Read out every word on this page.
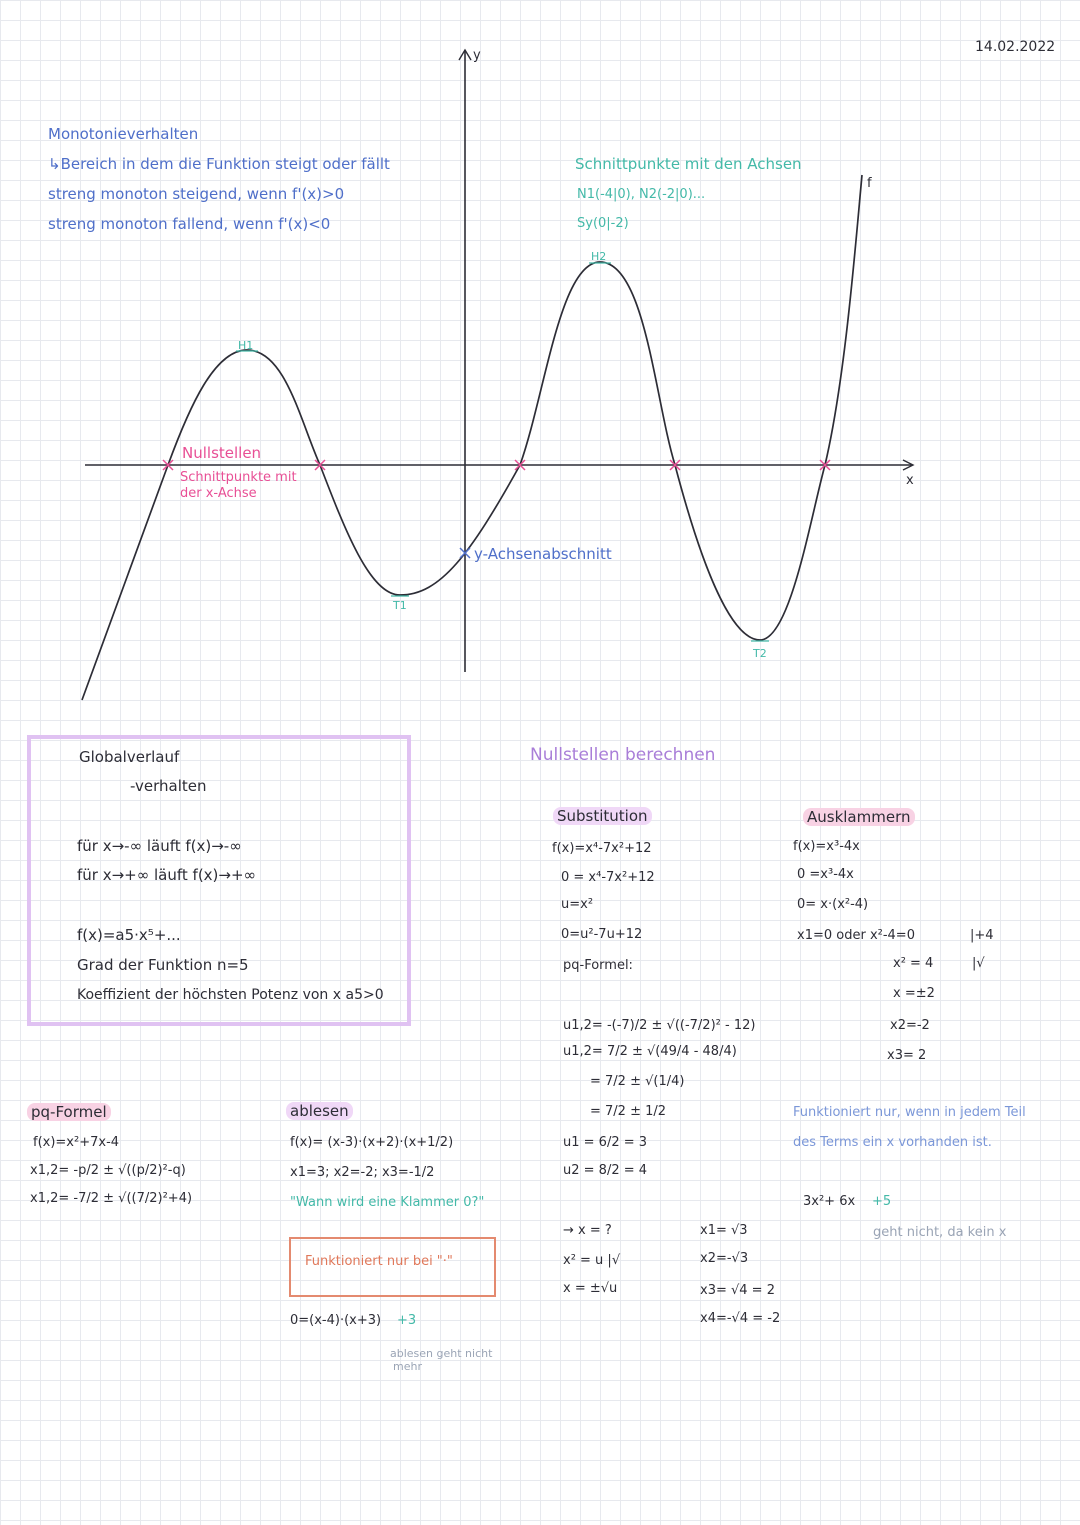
14.02.2022
Monotonieverhalten
↳Bereich in dem die Funktion steigt oder fällt
streng monoton steigend, wenn f'(x)>0
streng monoton fallend, wenn f'(x)<0
y
x
f
H1
H2
T1
T2
Nullstellen
Schnittpunkte mit
der x-Achse
y-Achsenabschnitt
Schnittpunkte mit den Achsen
N1(-4|0), N2(-2|0)...
Sy(0|-2)
Globalverlauf
-verhalten
für x→-∞ läuft f(x)→-∞
für x→+∞ läuft f(x)→+∞
f(x)=a5·x⁵+...
Grad der Funktion n=5
Koeffizient der höchsten Potenz von x a5>0
Nullstellen berechnen
Substitution
f(x)=x⁴-7x²+12
0 = x⁴-7x²+12
u=x²
0=u²-7u+12
pq-Formel:
u1,2= -(-7)/2 ± √((-7/2)² - 12)
u1,2= 7/2 ± √(49/4 - 48/4)
= 7/2 ± √(1/4)
= 7/2 ± 1/2
u1 = 6/2 = 3
u2 = 8/2 = 4
→ x = ?
x² = u |√
x = ±√u
x1= √3
x2=-√3
x3= √4 = 2
x4=-√4 = -2
Ausklammern
f(x)=x³-4x
0 =x³-4x
0= x·(x²-4)
x1=0 oder x²-4=0	|+4
x² = 4	|√
x =±2
x2=-2
x3= 2
Funktioniert nur, wenn in jedem Teil
des Terms ein x vorhanden ist.
3x²+ 6x +5
geht nicht, da kein x
pq-Formel
f(x)=x²+7x-4
x1,2= -p/2 ± √((p/2)²-q)
x1,2= -7/2 ± √((7/2)²+4)
ablesen
f(x)= (x-3)·(x+2)·(x+1/2)
x1=3; x2=-2; x3=-1/2
"Wann wird eine Klammer 0?"
Funktioniert nur bei "·"
0=(x-4)·(x+3) +3
ablesen geht nicht
mehr
